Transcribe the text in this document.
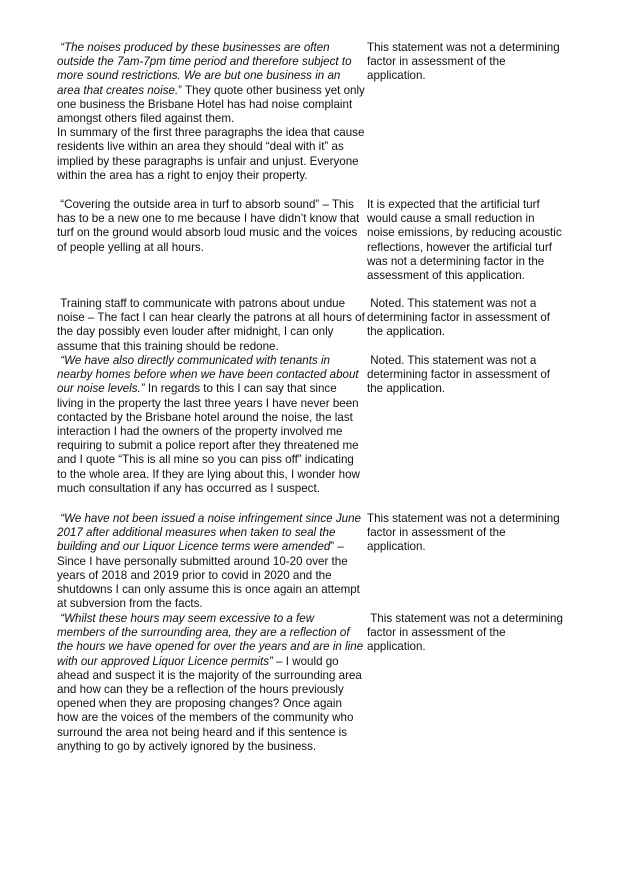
“The noises produced by these businesses are often outside the 7am-7pm time period and therefore subject to more sound restrictions. We are but one business in an area that creates noise.” They quote other business yet only one business the Brisbane Hotel has had noise complaint amongst others filed against them.

In summary of the first three paragraphs the idea that cause residents live within an area they should “deal with it” as implied by these paragraphs is unfair and unjust. Everyone within the area has a right to enjoy their property.

This statement was not a determining factor in assessment of the application.
“Covering the outside area in turf to absorb sound” – This has to be a new one to me because I have didn’t know that turf on the ground would absorb loud music and the voices of people yelling at all hours.
It is expected that the artificial turf would cause a small reduction in noise emissions, by reducing acoustic reflections, however the artificial turf was not a determining factor in the assessment of this application.
Training staff to communicate with patrons about undue noise – The fact I can hear clearly the patrons at all hours of the day possibly even louder after midnight, I can only assume that this training should be redone.
Noted. This statement was not a determining factor in assessment of the application.

“We have also directly communicated with tenants in nearby homes before when we have been contacted about our noise levels.” In regards to this I can say that since living in the property the last three years I have never been contacted by the Brisbane hotel around the noise, the last interaction I had the owners of the property involved me requiring to submit a police report after they threatened me and I quote “This is all mine so you can piss off” indicating to the whole area. If they are lying about this, I wonder how much consultation if any has occurred as I suspect.

Noted. This statement was not a determining factor in assessment of the application.

“We have not been issued a noise infringement since June 2017 after additional measures when taken to seal the building and our Liquor Licence terms were amended” – Since I have personally submitted around 10-20 over the years of 2018 and 2019 prior to covid in 2020 and the shutdowns I can only assume this is once again an attempt at subversion from the facts.

This statement was not a determining factor in assessment of the application.

“Whilst these hours may seem excessive to a few members of the surrounding area, they are a reflection of the hours we have opened for over the years and are in line with our approved Liquor Licence permits” – I would go ahead and suspect it is the majority of the surrounding area and how can they be a reflection of the hours previously opened when they are proposing changes? Once again how are the voices of the members of the community who surround the area not being heard and if this sentence is anything to go by actively ignored by the business.

This statement was not a determining factor in assessment of the application.
